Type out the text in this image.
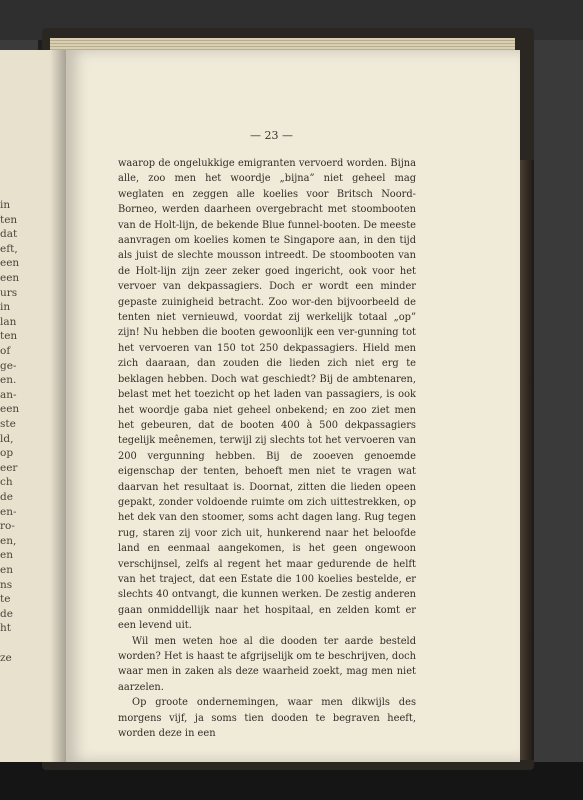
in
ten
dat
eft,
een
een
urs
in
lan
ten
of
ge-
en.
an-
een
ste
ld,
op
eer
ch
de
en-
ro-
en,
en
en
ns
te
de
ht
ze
— 23 —

waarop de ongelukkige emigranten vervoerd worden. Bijna alle, zoo men het woordje „bijna” niet geheel mag weglaten en zeggen alle koelies voor Britsch Noord-Borneo, werden daarheen overgebracht met stoombooten van de Holt-lijn, de bekende Blue funnel-booten. De meeste aanvragen om koelies komen te Singapore aan, in den tijd als juist de slechte mousson intreedt. De stoombooten van de Holt-lijn zijn zeer zeker goed ingericht, ook voor het vervoer van dekpassagiers. Doch er wordt een minder gepaste zuinigheid betracht. Zoo wor-den bijvoorbeeld de tenten niet vernieuwd, voordat zij werkelijk totaal „op” zijn! Nu hebben die booten gewoonlijk een ver-gunning tot het vervoeren van 150 tot 250 dekpassagiers. Hield men zich daaraan, dan zouden die lieden zich niet erg te beklagen hebben. Doch wat geschiedt? Bij de ambtenaren, belast met het toezicht op het laden van passagiers, is ook het woordje gaba niet geheel onbekend; en zoo ziet men het gebeuren, dat de booten 400 à 500 dekpassagiers tegelijk meênemen, terwijl zij slechts tot het vervoeren van 200 vergunning hebben. Bij de zooeven genoemde eigenschap der tenten, behoeft men niet te vragen wat daarvan het resultaat is. Doornat, zitten die lieden opeen gepakt, zonder voldoende ruimte om zich uittestrekken, op het dek van den stoomer, soms acht dagen lang. Rug tegen rug, staren zij voor zich uit, hunkerend naar het beloofde land en eenmaal aangekomen, is het geen ongewoon verschijnsel, zelfs al regent het maar gedurende de helft van het traject, dat een Estate die 100 koelies bestelde, er slechts 40 ontvangt, die kunnen werken. De zestig anderen gaan onmiddellijk naar het hospitaal, en zelden komt er een levend uit.

Wil men weten hoe al die dooden ter aarde besteld worden? Het is haast te afgrijselijk om te beschrijven, doch waar men in zaken als deze waarheid zoekt, mag men niet aarzelen.

Op groote ondernemingen, waar men dikwijls des morgens vijf, ja soms tien dooden te begraven heeft, worden deze in een
